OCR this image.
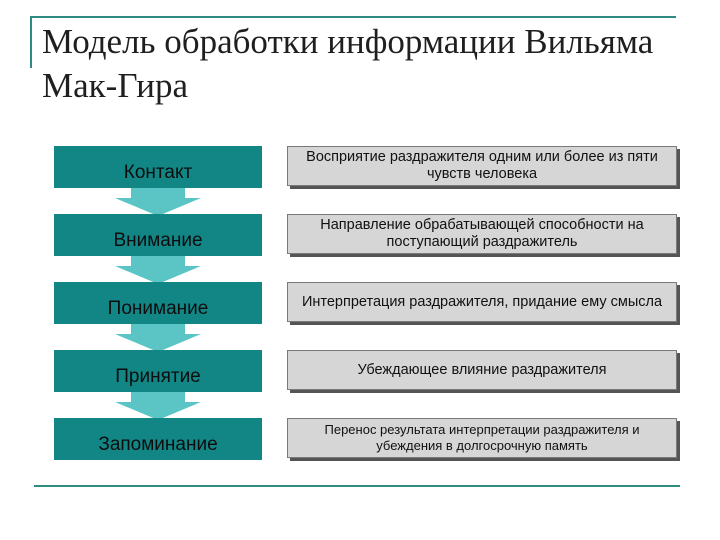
Модель обработки информации Вильяма Мак-Гира
Контакт
Внимание
Понимание
Принятие
Запоминание
Восприятие раздражителя одним или более из пяти чувств человека
Направление обрабатывающей способности на поступающий раздражитель
Интерпретация раздражителя, придание ему смысла
Убеждающее влияние раздражителя
Перенос результата интерпретации раздражителя и убеждения в долгосрочную память
